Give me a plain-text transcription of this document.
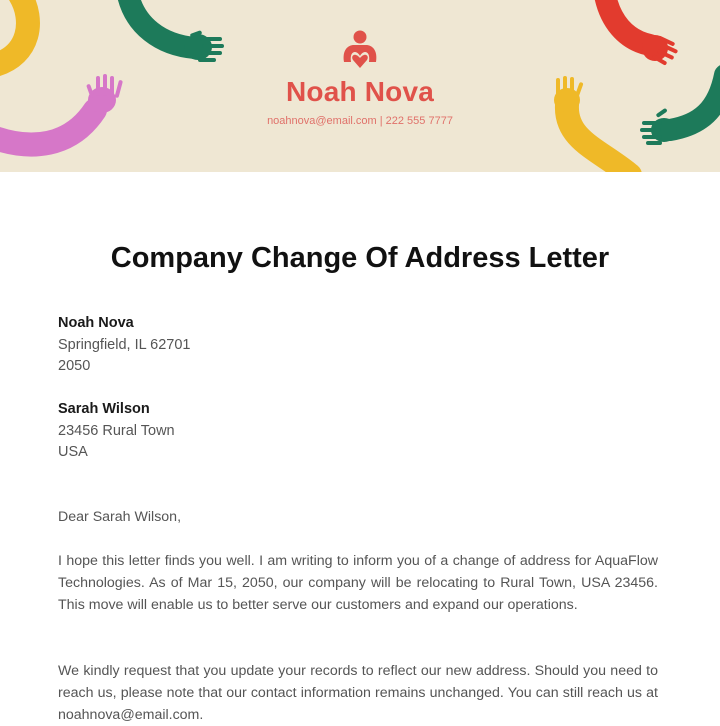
Noah Nova
noahnova@email.com | 222 555 7777
Company Change Of Address Letter
Noah Nova
Springfield, IL 62701
2050
Sarah Wilson
23456 Rural Town
USA
Dear Sarah Wilson,
I hope this letter finds you well. I am writing to inform you of a change of address for AquaFlow Technologies. As of Mar 15, 2050, our company will be relocating to Rural Town, USA 23456. This move will enable us to better serve our customers and expand our operations.
We kindly request that you update your records to reflect our new address. Should you need to reach us, please note that our contact information remains unchanged. You can still reach us at noahnova@email.com.
